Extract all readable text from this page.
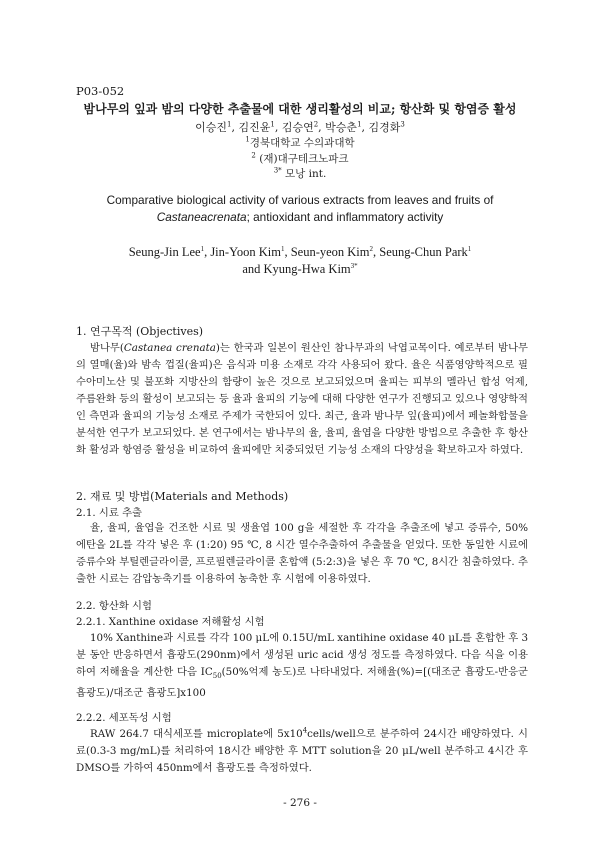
P03-052
밤나무의 잎과 밤의 다양한 추출물에 대한 생리활성의 비교; 항산화 및 항염증 활성
이승진$^1$, 김진윤$^1$, 김승연$^2$, 박승춘$^1$, 김경화$^3$
$^1$경북대학교 수의과대학
$^2$ (재)대구테크노파크
$^{3*}$ 모낭 int.
Comparative biological activity of various extracts from leaves and fruits of
Castaneacrenata; antioxidant and inflammatory activity
Seung-Jin Lee$^1$, Jin-Yoon Kim$^1$, Seun-yeon Kim$^2$, Seung-Chun Park$^1$
and Kyung-Hwa Kim$^{3*}$
1. 연구목적 (Objectives)
밤나무(Castanea crenata)는 한국과 일본이 원산인 참나무과의 낙엽교목이다. 예로부터 밤나무의 열매(율)와 밤속 껍질(율피)은 음식과 미용 소재로 각각 사용되어 왔다. 율은 식품영양학적으로 필수아미노산 및 불포화 지방산의 함량이 높은 것으로 보고되었으며 율피는 피부의 멜라닌 합성 억제, 주름완화 등의 활성이 보고되는 등 율과 율피의 기능에 대해 다양한 연구가 진행되고 있으나 영양학적인 측면과 율피의 기능성 소재로 주제가 국한되어 있다. 최근, 율과 밤나무 잎(율피)에서 페놀화합물을 분석한 연구가 보고되었다. 본 연구에서는 밤나무의 율, 율피, 율엽을 다양한 방법으로 추출한 후 항산화 활성과 항염증 활성을 비교하여 율피에만 치중되었던 기능성 소재의 다양성을 확보하고자 하였다.
2. 재료 및 방법(Materials and Methods)
2.1. 시료 추출
율, 율피, 율엽을 건조한 시료 및 생율엽 100 g을 세절한 후 각각을 추출조에 넣고 증류수, 50% 에탄올 2L를 각각 넣은 후 (1:20) 95 ℃, 8 시간 열수추출하여 추출물을 얻었다. 또한 동일한 시료에 증류수와 부틸렌글라이콜, 프로필렌글라이콜 혼합액 (5:2:3)을 넣은 후 70 ℃, 8시간 침출하였다. 추출한 시료는 감압농축기를 이용하여 농축한 후 시험에 이용하였다.
2.2. 항산화 시험
2.2.1. Xanthine oxidase 저해활성 시험
10% Xanthine과 시료를 각각 100 μL에 0.15U/mL xantihine oxidase 40 μL를 혼합한 후 3분 동안 반응하면서 흡광도(290nm)에서 생성된 uric acid 생성 정도를 측정하였다. 다음 식을 이용하여 저해율을 계산한 다음 $IC_{50}(50\%$억제 농도)로 나타내었다. 저해율(%)=[(대조군 흡광도-반응군 흡광도)/대조군 흡광도]x100
2.2.2. 세포독성 시험
RAW 264.7 대식세포를 microplate에 $5x10^4cells$/well으로 분주하여 24시간 배양하였다. 시료(0.3-3 mg/mL)를 처리하여 18시간 배양한 후 MTT solution을 20 μL/well 분주하고 4시간 후 DMSO를 가하여 450nm에서 흡광도를 측정하였다.
- 276 -
